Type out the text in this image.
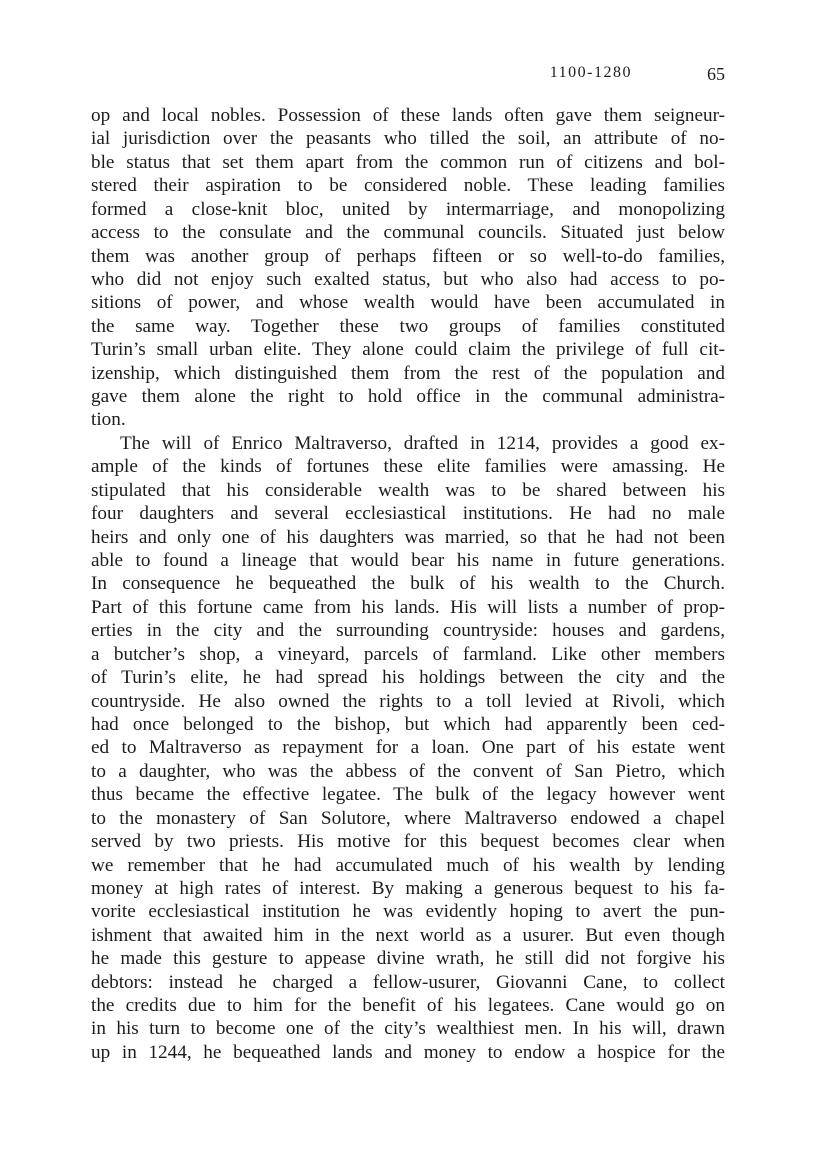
1100-1280	65
op and local nobles. Possession of these lands often gave them seigneur-
ial jurisdiction over the peasants who tilled the soil, an attribute of no-
ble status that set them apart from the common run of citizens and bol-
stered their aspiration to be considered noble. These leading families
formed a close-knit bloc, united by intermarriage, and monopolizing
access to the consulate and the communal councils. Situated just below
them was another group of perhaps fifteen or so well-to-do families,
who did not enjoy such exalted status, but who also had access to po-
sitions of power, and whose wealth would have been accumulated in
the same way. Together these two groups of families constituted
Turin’s small urban elite. They alone could claim the privilege of full cit-
izenship, which distinguished them from the rest of the population and
gave them alone the right to hold office in the communal administra-
tion.
The will of Enrico Maltraverso, drafted in 1214, provides a good ex-
ample of the kinds of fortunes these elite families were amassing. He
stipulated that his considerable wealth was to be shared between his
four daughters and several ecclesiastical institutions. He had no male
heirs and only one of his daughters was married, so that he had not been
able to found a lineage that would bear his name in future generations.
In consequence he bequeathed the bulk of his wealth to the Church.
Part of this fortune came from his lands. His will lists a number of prop-
erties in the city and the surrounding countryside: houses and gardens,
a butcher’s shop, a vineyard, parcels of farmland. Like other members
of Turin’s elite, he had spread his holdings between the city and the
countryside. He also owned the rights to a toll levied at Rivoli, which
had once belonged to the bishop, but which had apparently been ced-
ed to Maltraverso as repayment for a loan. One part of his estate went
to a daughter, who was the abbess of the convent of San Pietro, which
thus became the effective legatee. The bulk of the legacy however went
to the monastery of San Solutore, where Maltraverso endowed a chapel
served by two priests. His motive for this bequest becomes clear when
we remember that he had accumulated much of his wealth by lending
money at high rates of interest. By making a generous bequest to his fa-
vorite ecclesiastical institution he was evidently hoping to avert the pun-
ishment that awaited him in the next world as a usurer. But even though
he made this gesture to appease divine wrath, he still did not forgive his
debtors: instead he charged a fellow-usurer, Giovanni Cane, to collect
the credits due to him for the benefit of his legatees. Cane would go on
in his turn to become one of the city’s wealthiest men. In his will, drawn
up in 1244, he bequeathed lands and money to endow a hospice for the
